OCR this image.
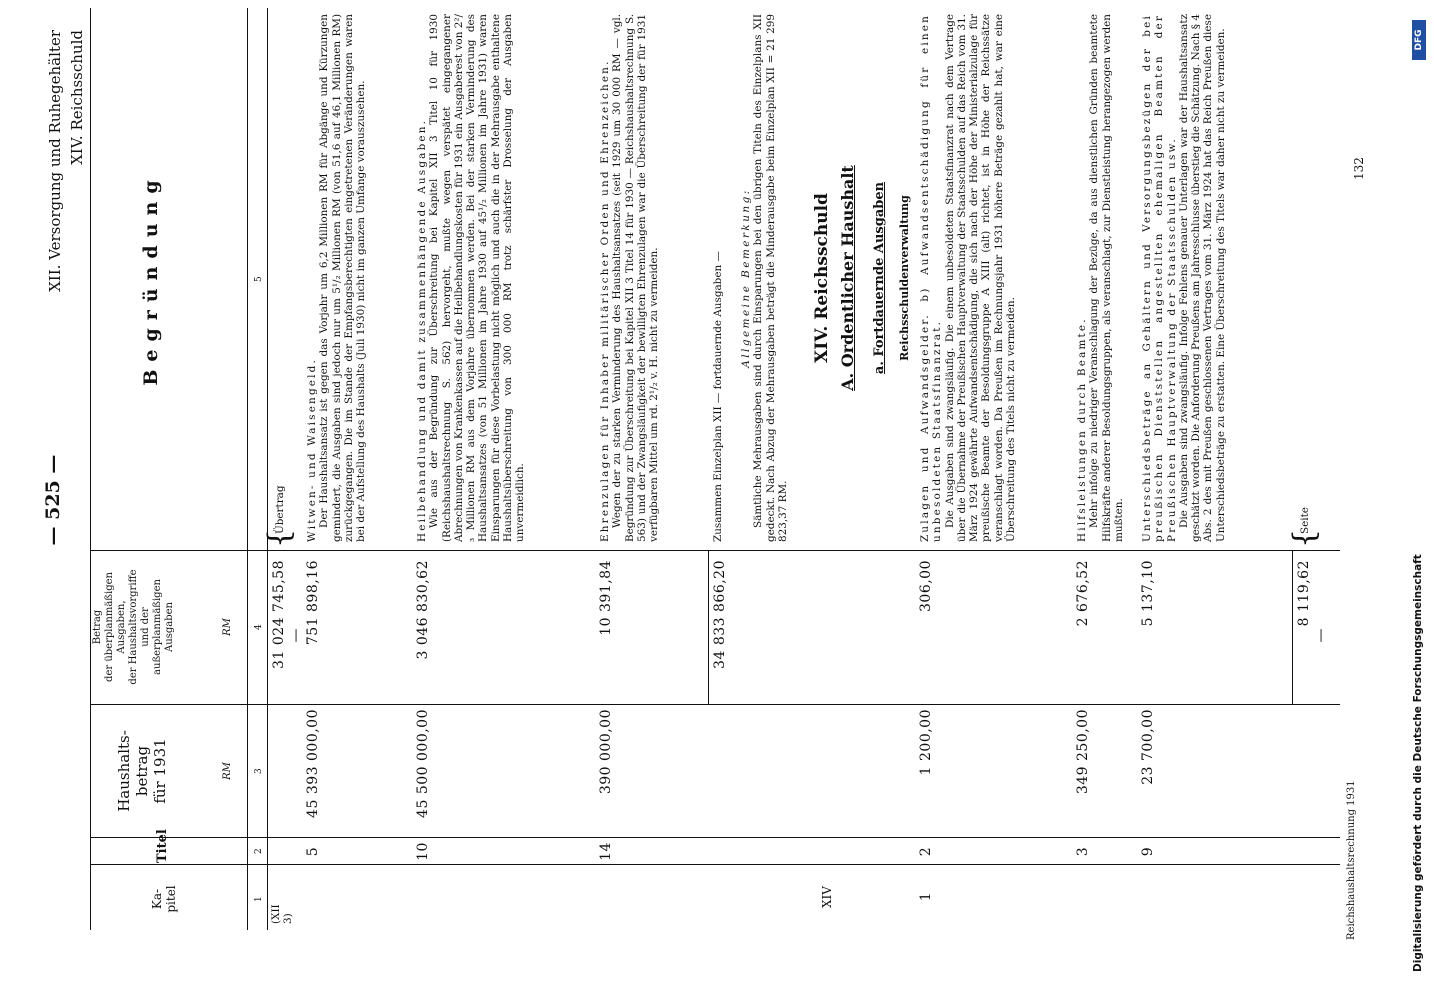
— 525 —
XII. Versorgung und Ruhegehälter XIV. Reichsschuld
Ka-
pitel
Titel
Haushalts-
betrag
für 1931	RM
Betrag
der überplanmäßigen
Ausgaben,
der Haushaltsvorgriffe
und der
außerplanmäßigen
Ausgaben	RM
Begründung
1
2
3
4
5
(XII
3)
31 024 745,58 —
{
Übertrag
5
45 393 000,00
751 898,16

Witwen- und Waisengeld. Der Haushaltsansatz ist gegen das Vorjahr um 6,2 Millionen RM für Abgänge und Kürzungen gemindert, die Ausgaben sind jedoch nur um 5¹/₂ Millionen RM (von 51,6 auf 46,1 Millionen RM) zurückgegangen. Die im Stande der Empfangsberechtigten eingetretenen Veränderungen waren bei der Aufstellung des Haushalts (Juli 1930) nicht im ganzen Umfange vorauszusehen.

10
45 500 000,00
3 046 830,62

Heilbehandlung und damit zusammenhängende Ausgaben. Wie aus der Begründung zur Überschreitung bei Kapitel XII 3 Titel 10 für 1930 (Reichshaushaltsrechnung S. 562) hervorgeht, mußte wegen verspätet eingegangener Abrechnungen von Krankenkassen auf die Heilbehandlungskosten für 1931 ein Ausgaberest von 2²/₃ Millionen RM aus dem Vorjahre übernommen werden. Bei der starken Verminderung des Haushaltsansatzes (von 51 Millionen im Jahre 1930 auf 45¹/₂ Millionen im Jahre 1931) waren Einsparungen für diese Vorbelastung nicht möglich und auch die in der Mehrausgabe enthaltene Haushaltsüberschreitung von 300 000 RM trotz schärfster Drosselung der Ausgaben unvermeidlich.

14
390 000,00
10 391,84

Ehrenzulagen für Inhaber militärischer Orden und Ehrenzeichen. Wegen der zu starken Verminderung des Haushaltsansatzes (seit 1929 um 30 000 RM — vgl. Begründung zur Überschreitung bei Kapitel XII 3 Titel 14 für 1930 — Reichshaushaltsrechnung S. 563) und der Zwangsläufigkeit der bewilligten Ehrenzulagen war die Überschreitung der für 1931 verfügbaren Mittel um rd. 2¹/₂ v. H. nicht zu vermeiden.

34 833 866,20
Zusammen Einzelplan XII — fortdauernde Ausgaben — Allgemeine Bemerkung: Sämtliche Mehrausgaben sind durch Einsparungen bei den übrigen Titeln des Einzelplans XII gedeckt. Nach Abzug der Mehrausgaben beträgt die Minderausgabe beim Einzelplan XII = 21 299 823,37 RM.

XIV
XIV. Reichsschuld A. Ordentlicher Haushalt a. Fortdauernde Ausgaben Reichsschuldenverwaltung
1
2
1 200,00
306,00

Zulagen und Aufwandsgelder. b) Aufwandsentschädigung für einen unbesoldeten Staatsfinanzrat. Die Ausgaben sind zwangsläufig. Die einem unbesoldeten Staatsfinanzrat nach dem Vertrage über die Übernahme der Preußischen Hauptverwaltung der Staatsschulden auf das Reich vom 31. März 1924 gewährte Aufwandsentschädigung, die sich nach der Höhe der Ministerialzulage für preußische Beamte der Besoldungsgruppe A XIII (alt) richtet, ist in Höhe der Reichssätze veranschlagt worden. Da Preußen im Rechnungsjahr 1931 höhere Beträge gezahlt hat, war eine Überschreitung des Titels nicht zu vermeiden.

3
349 250,00
2 676,52

Hilfsleistungen durch Beamte. Mehr infolge zu niedriger Veranschlagung der Bezüge, da aus dienstlichen Gründen beamtete Hilfskräfte anderer Besoldungsgruppen, als veranschlagt, zur Dienstleistung herangezogen werden mußten.

9
23 700,00
5 137,10

Unterschiedsbeträge an Gehältern und Versorgungsbezügen der bei preußischen Dienststellen angestellten ehemaligen Beamten der Preußischen Hauptverwaltung der Staatsschulden usw. Die Ausgaben sind zwangsläufig. Infolge Fehlens genauer Unterlagen war der Haushaltsansatz geschätzt worden. Die Anforderung Preußens am Jahresschlusse überstieg die Schätzung. Nach § 4 Abs. 2 des mit Preußen geschlossenen Vertrages vom 31. März 1924 hat das Reich Preußen diese Unterschiedsbeträge zu erstatten. Eine Überschreitung des Titels war daher nicht zu vermeiden.

8 119,62
—
{
Seite
Reichshaushaltsrechnung 1931
132
Digitalisierung gefördert durch die Deutsche Forschungsgemeinschaft
DFG
